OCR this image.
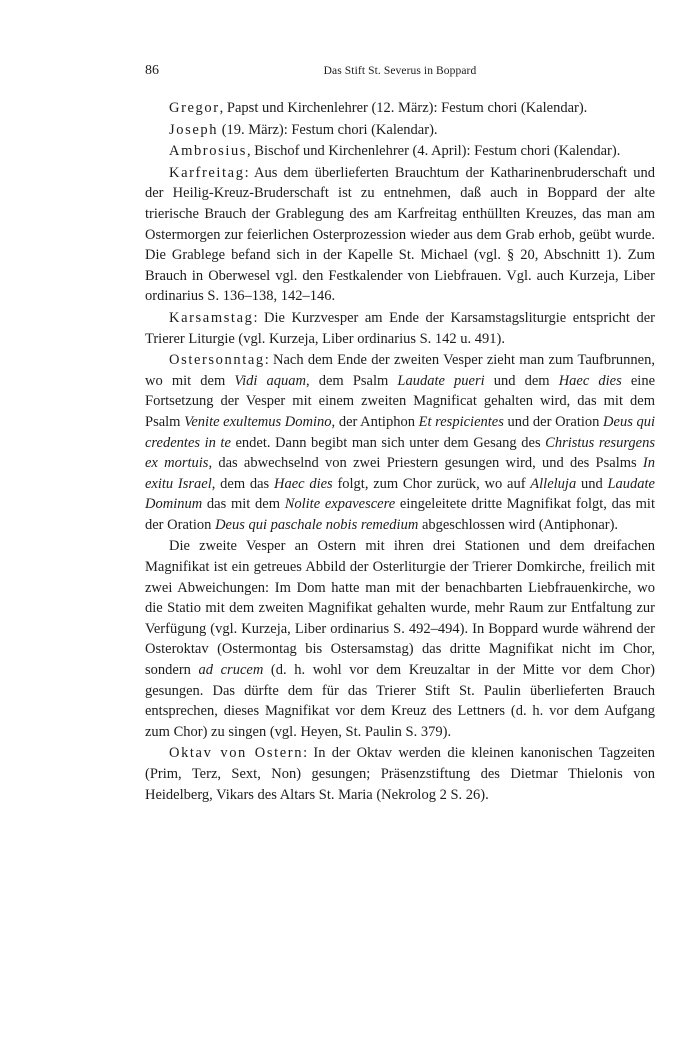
86	Das Stift St. Severus in Boppard

Gregor, Papst und Kirchenlehrer (12. März): Festum chori (Kalendar).

Joseph (19. März): Festum chori (Kalendar).

Ambrosius, Bischof und Kirchenlehrer (4. April): Festum chori (Kalendar).

Karfreitag: Aus dem überlieferten Brauchtum der Katharinenbruderschaft und der Heilig-Kreuz-Bruderschaft ist zu entnehmen, daß auch in Boppard der alte trierische Brauch der Grablegung des am Karfreitag enthüllten Kreuzes, das man am Ostermorgen zur feierlichen Osterprozession wieder aus dem Grab erhob, geübt wurde. Die Grablege befand sich in der Kapelle St. Michael (vgl. § 20, Abschnitt 1). Zum Brauch in Oberwesel vgl. den Festkalender von Liebfrauen. Vgl. auch Kurzeja, Liber ordinarius S. 136–138, 142–146.

Karsamstag: Die Kurzvesper am Ende der Karsamstagsliturgie entspricht der Trierer Liturgie (vgl. Kurzeja, Liber ordinarius S. 142 u. 491).

Ostersonntag: Nach dem Ende der zweiten Vesper zieht man zum Taufbrunnen, wo mit dem Vidi aquam, dem Psalm Laudate pueri und dem Haec dies eine Fortsetzung der Vesper mit einem zweiten Magnificat gehalten wird, das mit dem Psalm Venite exultemus Domino, der Antiphon Et respicientes und der Oration Deus qui credentes in te endet. Dann begibt man sich unter dem Gesang des Christus resurgens ex mortuis, das abwechselnd von zwei Priestern gesungen wird, und des Psalms In exitu Israel, dem das Haec dies folgt, zum Chor zurück, wo auf Alleluja und Laudate Dominum das mit dem Nolite expavescere eingeleitete dritte Magnifikat folgt, das mit der Oration Deus qui paschale nobis remedium abgeschlossen wird (Antiphonar).

Die zweite Vesper an Ostern mit ihren drei Stationen und dem dreifachen Magnifikat ist ein getreues Abbild der Osterliturgie der Trierer Domkirche, freilich mit zwei Abweichungen: Im Dom hatte man mit der benachbarten Liebfrauenkirche, wo die Statio mit dem zweiten Magnifikat gehalten wurde, mehr Raum zur Entfaltung zur Verfügung (vgl. Kurzeja, Liber ordinarius S. 492–494). In Boppard wurde während der Osteroktav (Ostermontag bis Ostersamstag) das dritte Magnifikat nicht im Chor, sondern ad crucem (d. h. wohl vor dem Kreuzaltar in der Mitte vor dem Chor) gesungen. Das dürfte dem für das Trierer Stift St. Paulin überlieferten Brauch entsprechen, dieses Magnifikat vor dem Kreuz des Lettners (d. h. vor dem Aufgang zum Chor) zu singen (vgl. Heyen, St. Paulin S. 379).

Oktav von Ostern: In der Oktav werden die kleinen kanonischen Tagzeiten (Prim, Terz, Sext, Non) gesungen; Präsenzstiftung des Dietmar Thielonis von Heidelberg, Vikars des Altars St. Maria (Nekrolog 2 S. 26).
